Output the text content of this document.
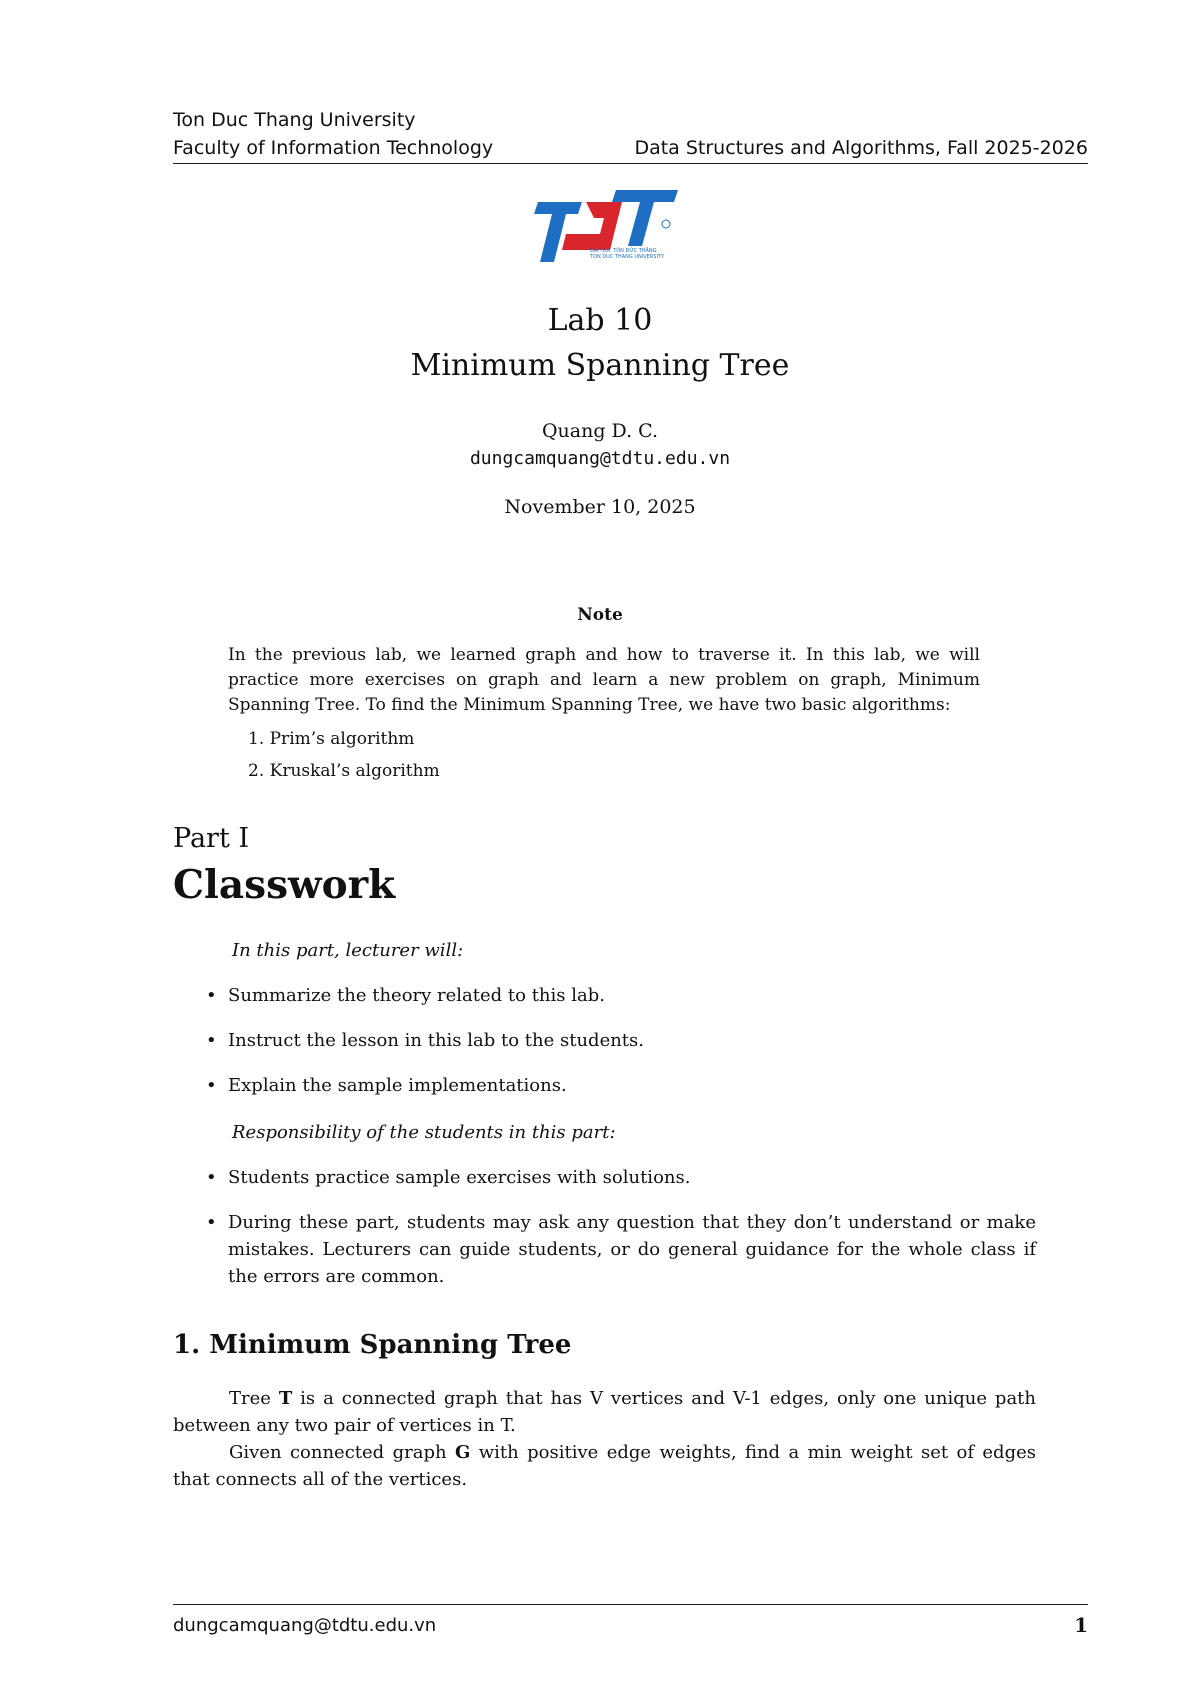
Ton Duc Thang University
Faculty of Information Technology	Data Structures and Algorithms, Fall 2025-2026
ĐẠI HỌC TÔN ĐỨC THẮNG
TON DUC THANG UNIVERSITY
Lab 10
Minimum Spanning Tree
Quang D. C.
dungcamquang@tdtu.edu.vn
November 10, 2025
Note
In the previous lab, we learned graph and how to traverse it. In this lab, we will practice more exercises on graph and learn a new problem on graph, Minimum Spanning Tree. To find the Minimum Spanning Tree, we have two basic algorithms:
1. Prim’s algorithm
2. Kruskal’s algorithm
Part I
Classwork
In this part, lecturer will:
• Summarize the theory related to this lab.
• Instruct the lesson in this lab to the students.
• Explain the sample implementations.
Responsibility of the students in this part:
• Students practice sample exercises with solutions.
• During these part, students may ask any question that they don’t understand or make mistakes. Lecturers can guide students, or do general guidance for the whole class if the errors are common.
1. Minimum Spanning Tree
Tree T is a connected graph that has V vertices and V-1 edges, only one unique path between any two pair of vertices in T.
Given connected graph G with positive edge weights, find a min weight set of edges that connects all of the vertices.
dungcamquang@tdtu.edu.vn	1
